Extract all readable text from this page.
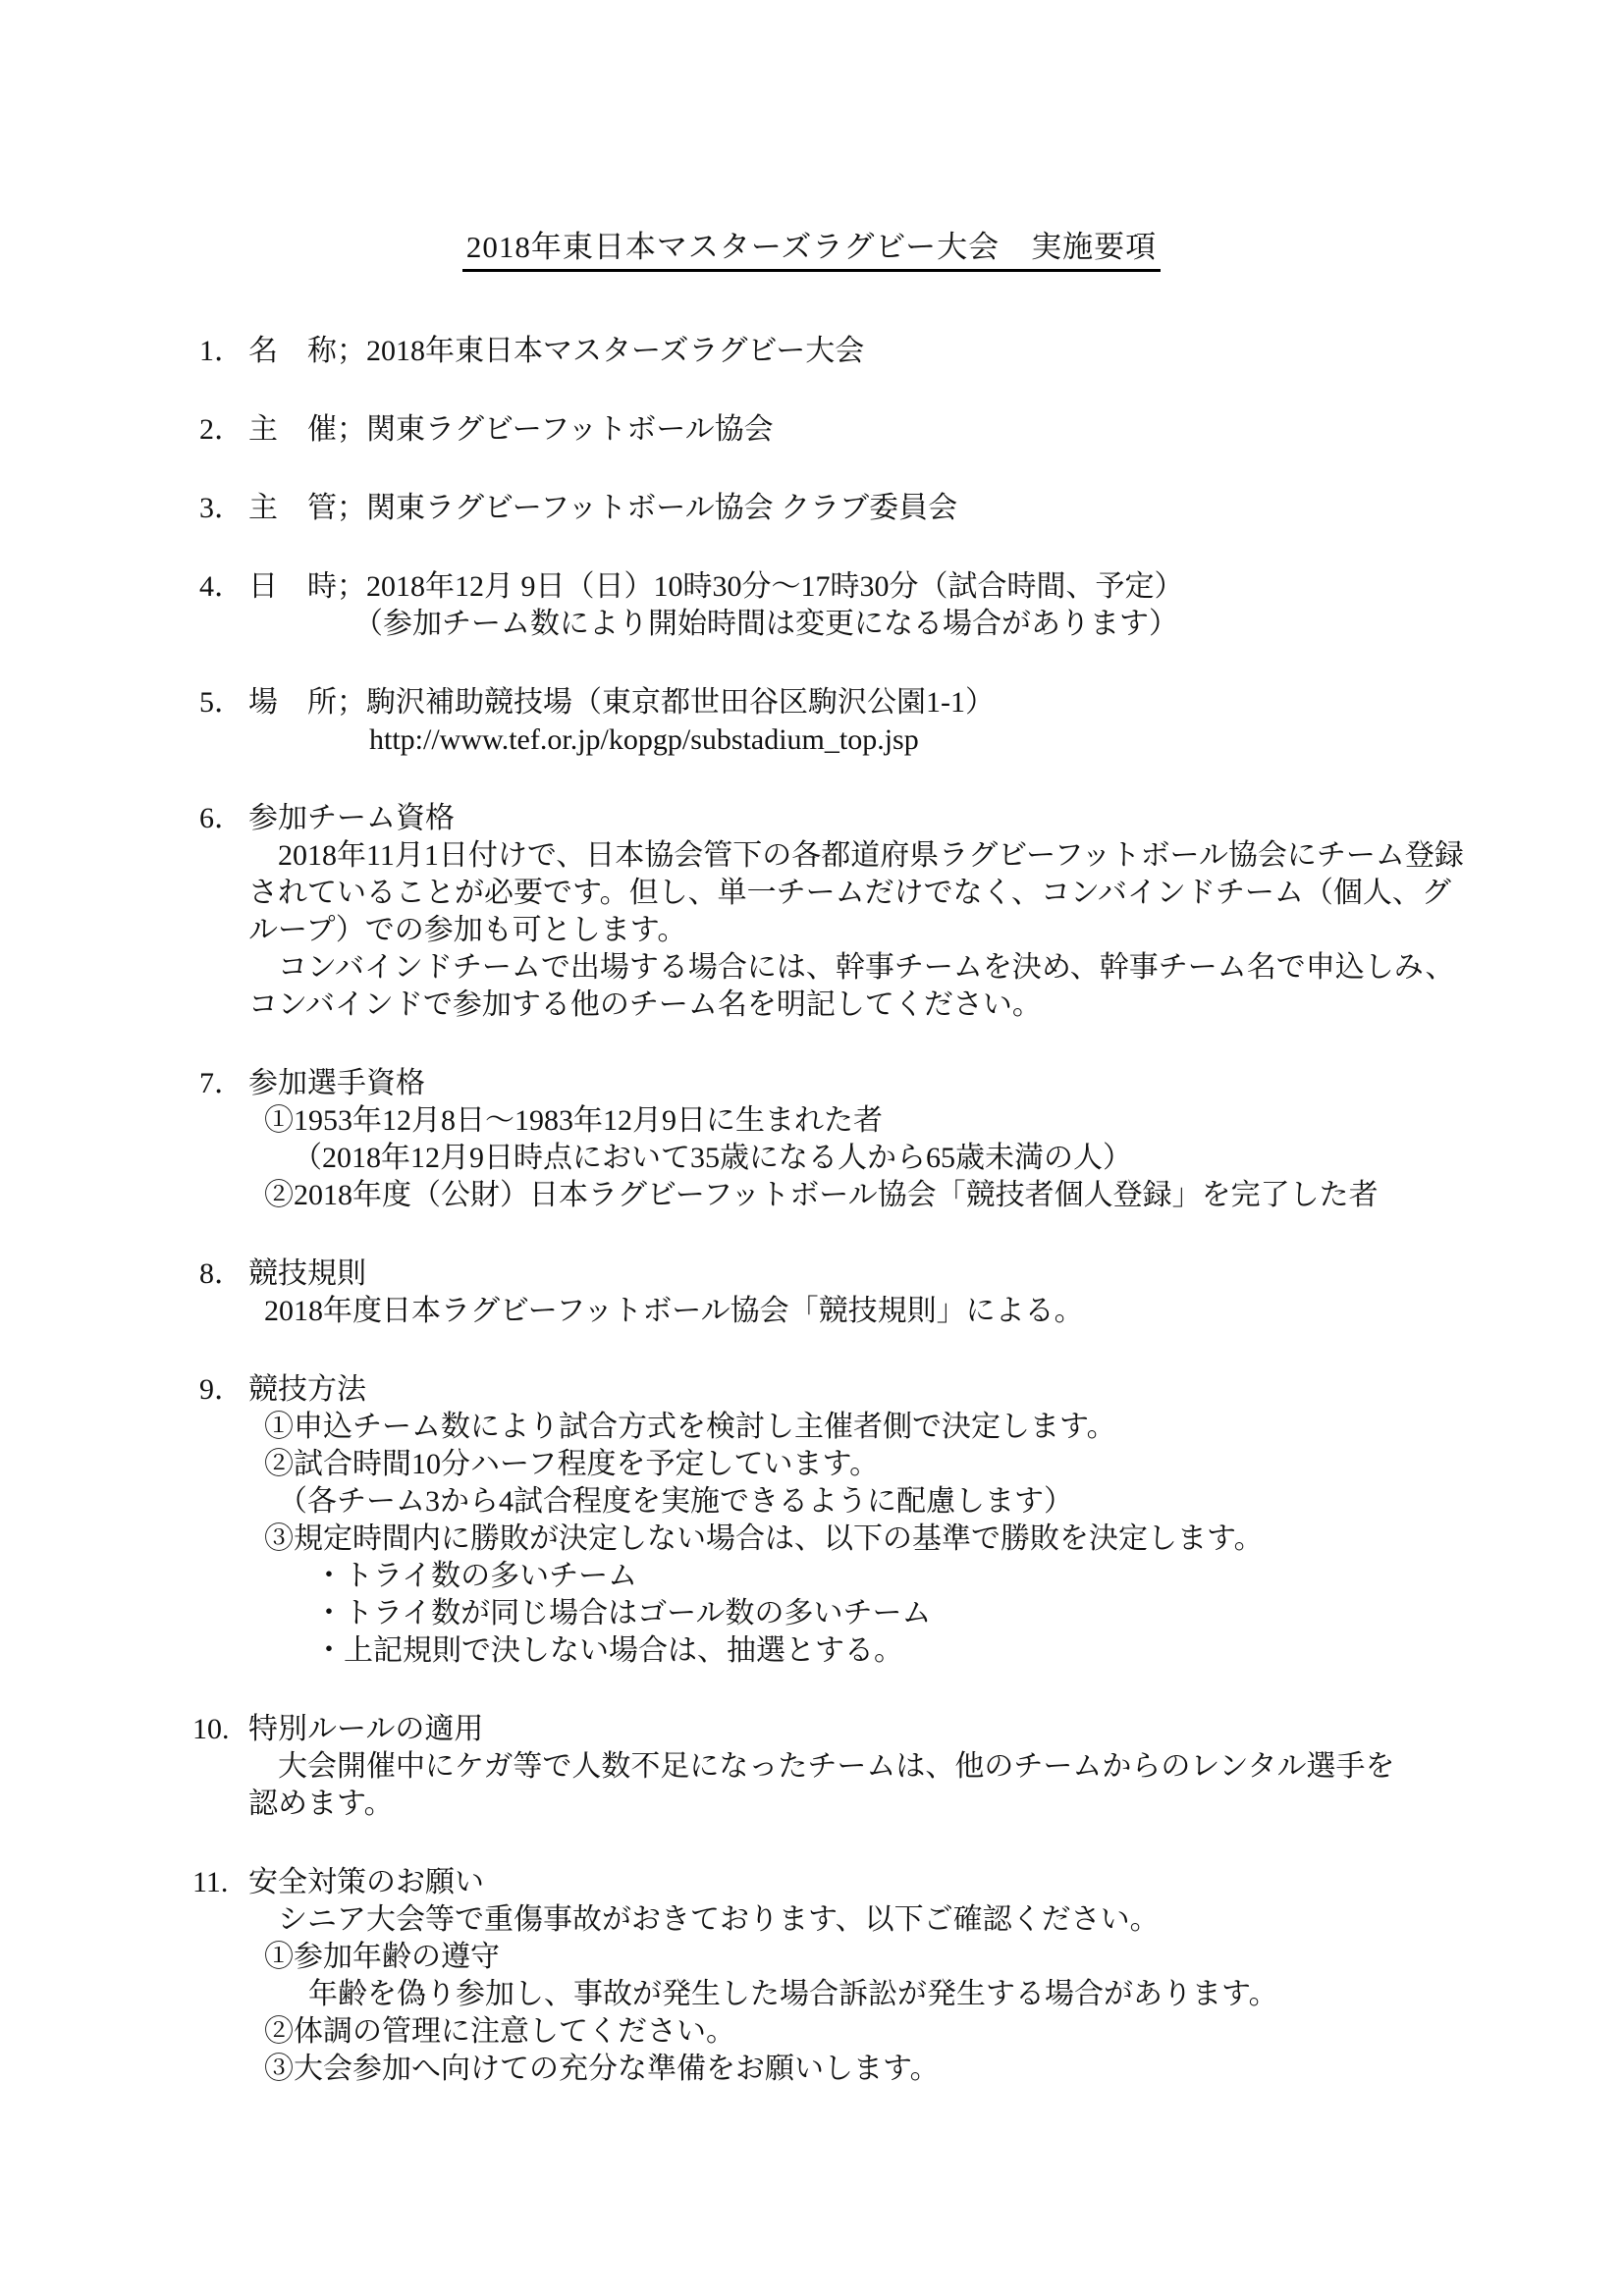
2018年東日本マスターズラグビー大会　実施要項
1． 名　称；2018年東日本マスターズラグビー大会
2． 主　催；関東ラグビーフットボール協会
3． 主　管；関東ラグビーフットボール協会 クラブ委員会
4． 日　時；2018年12月 9日（日）10時30分～17時30分（試合時間、予定）
（参加チーム数により開始時間は変更になる場合があります）
5． 場　所；駒沢補助競技場（東京都世田谷区駒沢公園1-1）
http://www.tef.or.jp/kopgp/substadium_top.jsp
6． 参加チーム資格
2018年11月1日付けで、日本協会管下の各都道府県ラグビーフットボール協会にチーム登録
されていることが必要です。但し、単一チームだけでなく、コンバインドチーム（個人、グ
ループ）での参加も可とします。
コンバインドチームで出場する場合には、幹事チームを決め、幹事チーム名で申込しみ、
コンバインドで参加する他のチーム名を明記してください。
7． 参加選手資格
①1953年12月8日～1983年12月9日に生まれた者
（2018年12月9日時点において35歳になる人から65歳未満の人）
②2018年度（公財）日本ラグビーフットボール協会「競技者個人登録」を完了した者
8． 競技規則
2018年度日本ラグビーフットボール協会「競技規則」による。
9． 競技方法
①申込チーム数により試合方式を検討し主催者側で決定します。
②試合時間10分ハーフ程度を予定しています。
（各チーム3から4試合程度を実施できるように配慮します）
③規定時間内に勝敗が決定しない場合は、以下の基準で勝敗を決定します。
・トライ数の多いチーム
・トライ数が同じ場合はゴール数の多いチーム
・上記規則で決しない場合は、抽選とする。
10. 特別ルールの適用
大会開催中にケガ等で人数不足になったチームは、他のチームからのレンタル選手を
認めます。
11. 安全対策のお願い
シニア大会等で重傷事故がおきております、以下ご確認ください。
①参加年齢の遵守
年齢を偽り参加し、事故が発生した場合訴訟が発生する場合があります。
②体調の管理に注意してください。
③大会参加へ向けての充分な準備をお願いします。
